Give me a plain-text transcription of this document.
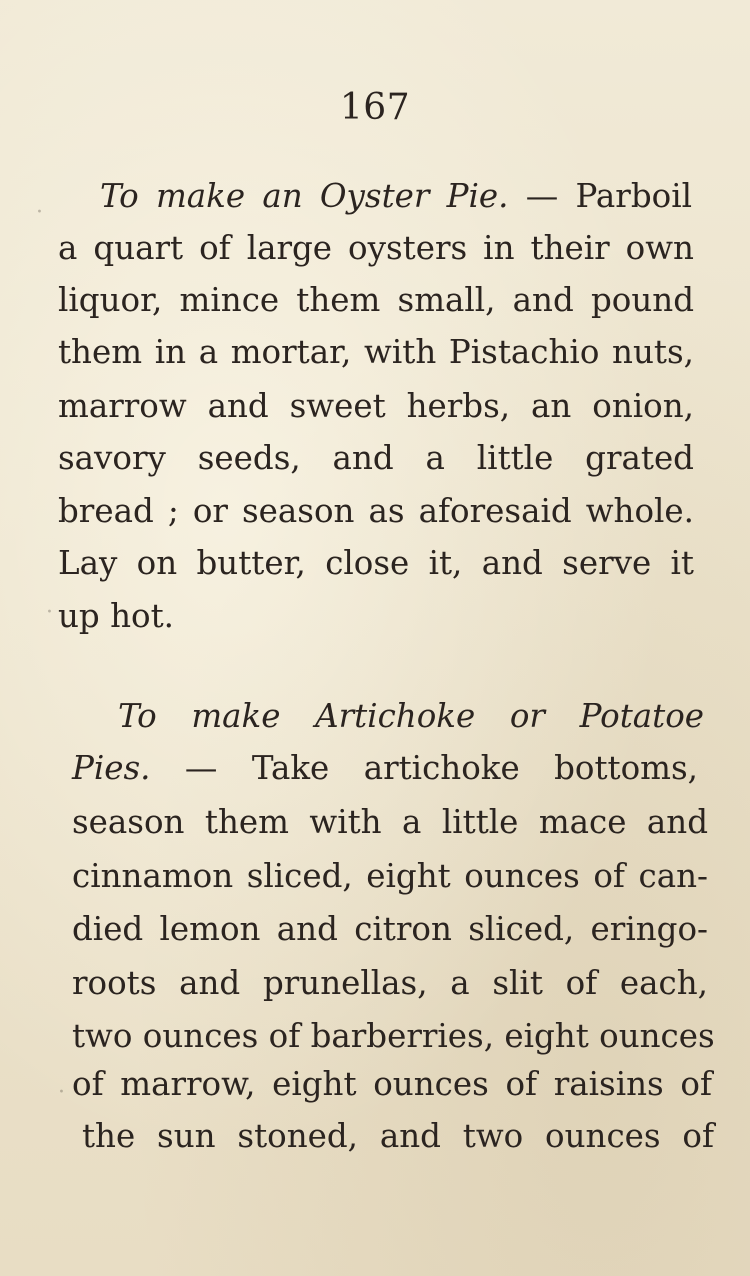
167
To make an Oyster Pie. — Parboil
a quart of large oysters in their own
liquor, mince them small, and pound
them in a mortar, with Pistachio nuts,
marrow and sweet herbs, an onion,
savory seeds, and a little grated
bread ; or season as aforesaid whole.
Lay on butter, close it, and serve it
up hot.
To make Artichoke or Potatoe
Pies. — Take artichoke bottoms,
season them with a little mace and
cinnamon sliced, eight ounces of can-
died lemon and citron sliced, eringo-
roots and prunellas, a slit of each,
two ounces of barberries, eight ounces
of marrow, eight ounces of raisins of
the sun stoned, and two ounces of
·
·
·
